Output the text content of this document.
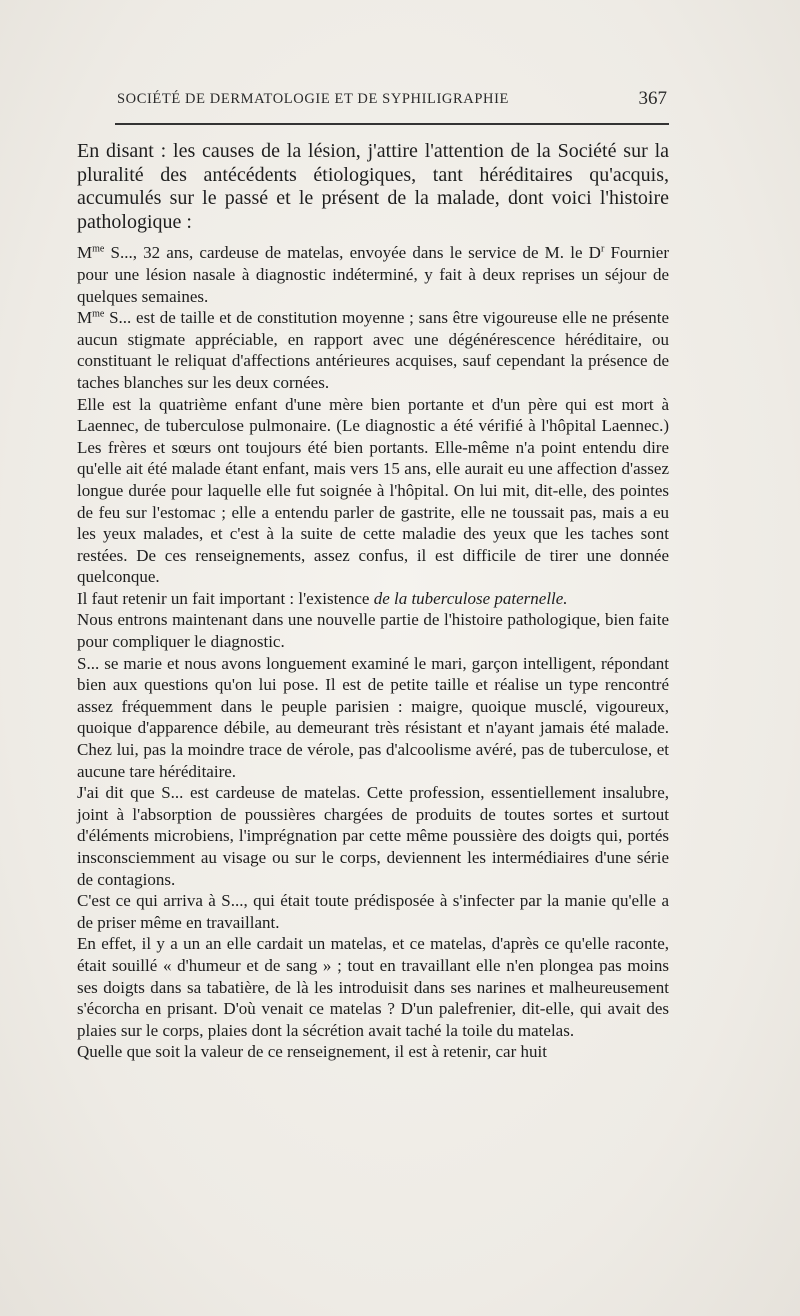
SOCIÉTÉ DE DERMATOLOGIE ET DE SYPHILIGRAPHIE	367

En disant : les causes de la lésion, j'attire l'attention de la Société sur la pluralité des antécédents étiologiques, tant héréditaires qu'acquis, accumulés sur le passé et le présent de la malade, dont voici l'histoire pathologique :

$M^{me}$ S..., 32 ans, cardeuse de matelas, envoyée dans le service de M. le $D^r$ Fournier pour une lésion nasale à diagnostic indéterminé, y fait à deux reprises un séjour de quelques semaines.

$M^{me}$ S... est de taille et de constitution moyenne ; sans être vigoureuse elle ne présente aucun stigmate appréciable, en rapport avec une dégénérescence héréditaire, ou constituant le reliquat d'affections antérieures acquises, sauf cependant la présence de taches blanches sur les deux cornées.

Elle est la quatrième enfant d'une mère bien portante et d'un père qui est mort à Laennec, de tuberculose pulmonaire. (Le diagnostic a été vérifié à l'hôpital Laennec.) Les frères et sœurs ont toujours été bien portants. Elle-même n'a point entendu dire qu'elle ait été malade étant enfant, mais vers 15 ans, elle aurait eu une affection d'assez longue durée pour laquelle elle fut soignée à l'hôpital. On lui mit, dit-elle, des pointes de feu sur l'estomac ; elle a entendu parler de gastrite, elle ne toussait pas, mais a eu les yeux malades, et c'est à la suite de cette maladie des yeux que les taches sont restées. De ces renseignements, assez confus, il est difficile de tirer une donnée quelconque.

Il faut retenir un fait important : l'existence de la tuberculose paternelle.

Nous entrons maintenant dans une nouvelle partie de l'histoire pathologique, bien faite pour compliquer le diagnostic.

S... se marie et nous avons longuement examiné le mari, garçon intelligent, répondant bien aux questions qu'on lui pose. Il est de petite taille et réalise un type rencontré assez fréquemment dans le peuple parisien : maigre, quoique musclé, vigoureux, quoique d'apparence débile, au demeurant très résistant et n'ayant jamais été malade. Chez lui, pas la moindre trace de vérole, pas d'alcoolisme avéré, pas de tuberculose, et aucune tare héréditaire.

J'ai dit que S... est cardeuse de matelas. Cette profession, essentiellement insalubre, joint à l'absorption de poussières chargées de produits de toutes sortes et surtout d'éléments microbiens, l'imprégnation par cette même poussière des doigts qui, portés insconsciemment au visage ou sur le corps, deviennent les intermédiaires d'une série de contagions.

C'est ce qui arriva à S..., qui était toute prédisposée à s'infecter par la manie qu'elle a de priser même en travaillant.

En effet, il y a un an elle cardait un matelas, et ce matelas, d'après ce qu'elle raconte, était souillé « d'humeur et de sang » ; tout en travaillant elle n'en plongea pas moins ses doigts dans sa tabatière, de là les introduisit dans ses narines et malheureusement s'écorcha en prisant. D'où venait ce matelas ? D'un palefrenier, dit-elle, qui avait des plaies sur le corps, plaies dont la sécrétion avait taché la toile du matelas.

Quelle que soit la valeur de ce renseignement, il est à retenir, car huit
